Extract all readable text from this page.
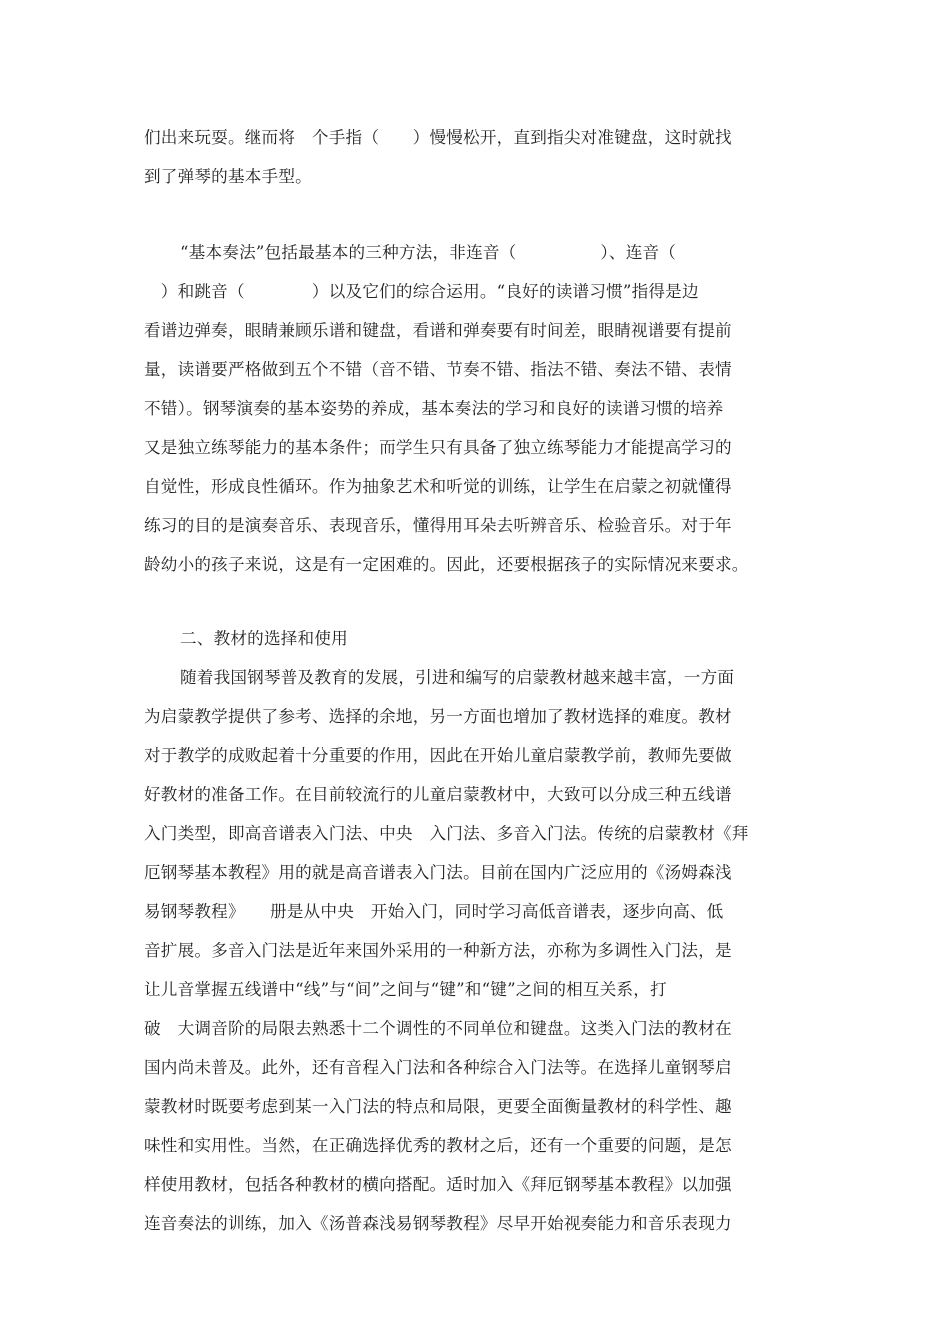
们出来玩耍。继而将　个手指（　　）慢慢松开，直到指尖对准键盘，这时就找
到了弹琴的基本手型。
“基本奏法”包括最基本的三种方法，非连音（　　　　　）、连音（
　）和跳音（　　　　）以及它们的综合运用。“良好的读谱习惯”指得是边
看谱边弹奏，眼睛兼顾乐谱和键盘，看谱和弹奏要有时间差，眼睛视谱要有提前
量，读谱要严格做到五个不错（音不错、节奏不错、指法不错、奏法不错、表情
不错）。钢琴演奏的基本姿势的养成，基本奏法的学习和良好的读谱习惯的培养
又是独立练琴能力的基本条件；而学生只有具备了独立练琴能力才能提高学习的
自觉性，形成良性循环。作为抽象艺术和听觉的训练，让学生在启蒙之初就懂得
练习的目的是演奏音乐、表现音乐，懂得用耳朵去听辨音乐、检验音乐。对于年
龄幼小的孩子来说，这是有一定困难的。因此，还要根据孩子的实际情况来要求。
二、教材的选择和使用
随着我国钢琴普及教育的发展，引进和编写的启蒙教材越来越丰富，一方面
为启蒙教学提供了参考、选择的余地，另一方面也增加了教材选择的难度。教材
对于教学的成败起着十分重要的作用，因此在开始儿童启蒙教学前，教师先要做
好教材的准备工作。在目前较流行的儿童启蒙教材中，大致可以分成三种五线谱
入门类型，即高音谱表入门法、中央　入门法、多音入门法。传统的启蒙教材《拜
厄钢琴基本教程》用的就是高音谱表入门法。目前在国内广泛应用的《汤姆森浅
易钢琴教程》　　册是从中央　开始入门，同时学习高低音谱表，逐步向高、低
音扩展。多音入门法是近年来国外采用的一种新方法，亦称为多调性入门法，是
让儿音掌握五线谱中“线”与“间”之间与“键”和“键”之间的相互关系，打
破　大调音阶的局限去熟悉十二个调性的不同单位和键盘。这类入门法的教材在
国内尚未普及。此外，还有音程入门法和各种综合入门法等。在选择儿童钢琴启
蒙教材时既要考虑到某一入门法的特点和局限，更要全面衡量教材的科学性、趣
味性和实用性。当然，在正确选择优秀的教材之后，还有一个重要的问题，是怎
样使用教材，包括各种教材的横向搭配。适时加入《拜厄钢琴基本教程》以加强
连音奏法的训练，加入《汤普森浅易钢琴教程》尽早开始视奏能力和音乐表现力
